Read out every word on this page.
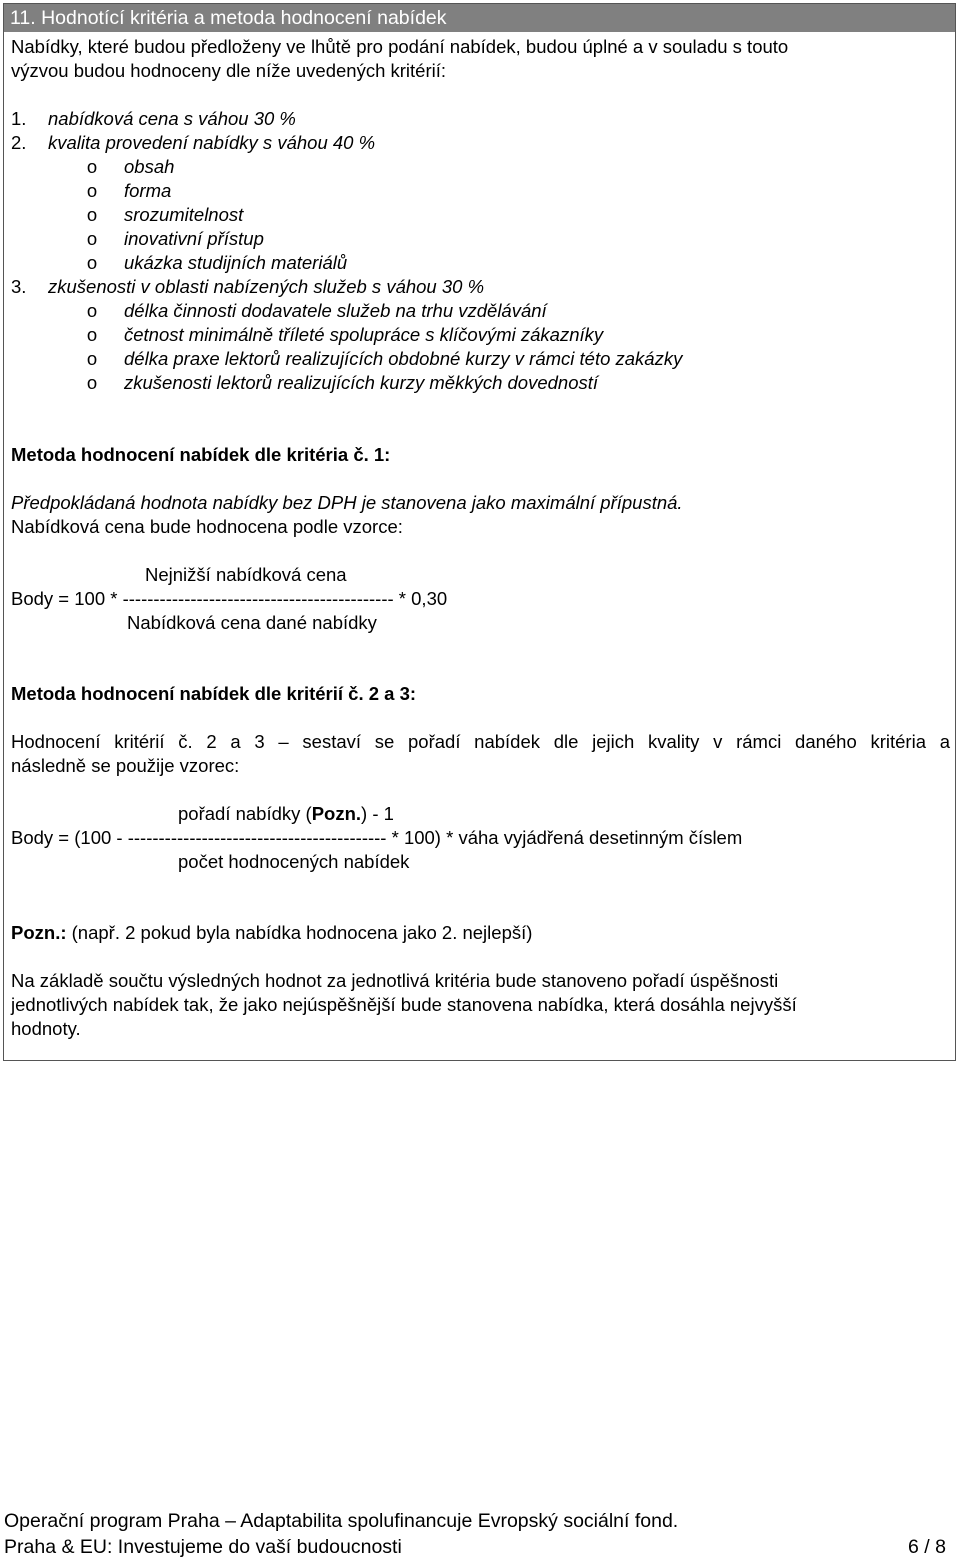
11. Hodnotící kritéria a metoda hodnocení nabídek
Nabídky, které budou předloženy ve lhůtě pro podání nabídek, budou úplné a v souladu s touto
výzvou budou hodnoceny dle níže uvedených kritérií:
1. nabídková cena s váhou 30 %
2. kvalita provedení nabídky s váhou 40 %
o obsah
o forma
o srozumitelnost
o inovativní přístup
o ukázka studijních materiálů
3. zkušenosti v oblasti nabízených služeb s váhou 30 %
o délka činnosti dodavatele služeb na trhu vzdělávání
o četnost minimálně tříleté spolupráce s klíčovými zákazníky
o délka praxe lektorů realizujících obdobné kurzy v rámci této zakázky
o zkušenosti lektorů realizujících kurzy měkkých dovedností
Metoda hodnocení nabídek dle kritéria č. 1:
Předpokládaná hodnota nabídky bez DPH je stanovena jako maximální přípustná.
Nabídková cena bude hodnocena podle vzorce:
Nejnižší nabídková cena
Body = 100 * -------------------------------------------- * 0,30
Nabídková cena dané nabídky
Metoda hodnocení nabídek dle kritérií č. 2 a 3:
Hodnocení kritérií č. 2 a 3 – sestaví se pořadí nabídek dle jejich kvality v rámci daného kritéria a
následně se použije vzorec:
pořadí nabídky (Pozn.) - 1
Body = (100 - ------------------------------------------ * 100) * váha vyjádřená desetinným číslem
počet hodnocených nabídek
Pozn.: (např. 2 pokud byla nabídka hodnocena jako 2. nejlepší)
Na základě součtu výsledných hodnot za jednotlivá kritéria bude stanoveno pořadí úspěšnosti
jednotlivých nabídek tak, že jako nejúspěšnější bude stanovena nabídka, která dosáhla nejvyšší
hodnoty.
Operační program Praha – Adaptabilita spolufinancuje Evropský sociální fond.
Praha & EU: Investujeme do vaší budoucnosti	6 / 8
